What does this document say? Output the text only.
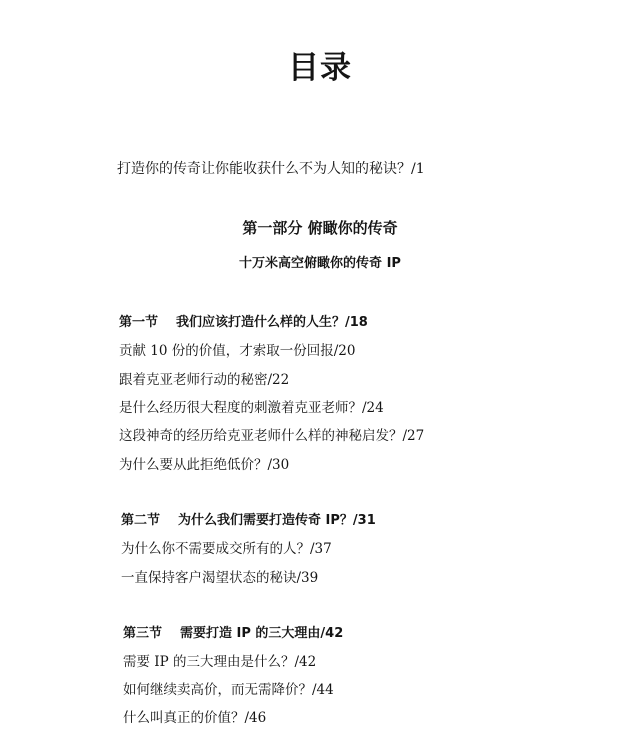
目录
打造你的传奇让你能收获什么不为人知的秘诀？/1
第一部分 俯瞰你的传奇
十万米高空俯瞰你的传奇 IP
第一节 我们应该打造什么样的人生？/18
贡献 10 份的价值，才索取一份回报/20
跟着克亚老师行动的秘密/22
是什么经历很大程度的刺激着克亚老师？/24
这段神奇的经历给克亚老师什么样的神秘启发？/27
为什么要从此拒绝低价？/30
第二节 为什么我们需要打造传奇 IP？/31
为什么你不需要成交所有的人？/37
一直保持客户渴望状态的秘诀/39
第三节 需要打造 IP 的三大理由/42
需要 IP 的三大理由是什么？/42
如何继续卖高价，而无需降价？/44
什么叫真正的价值？/46
